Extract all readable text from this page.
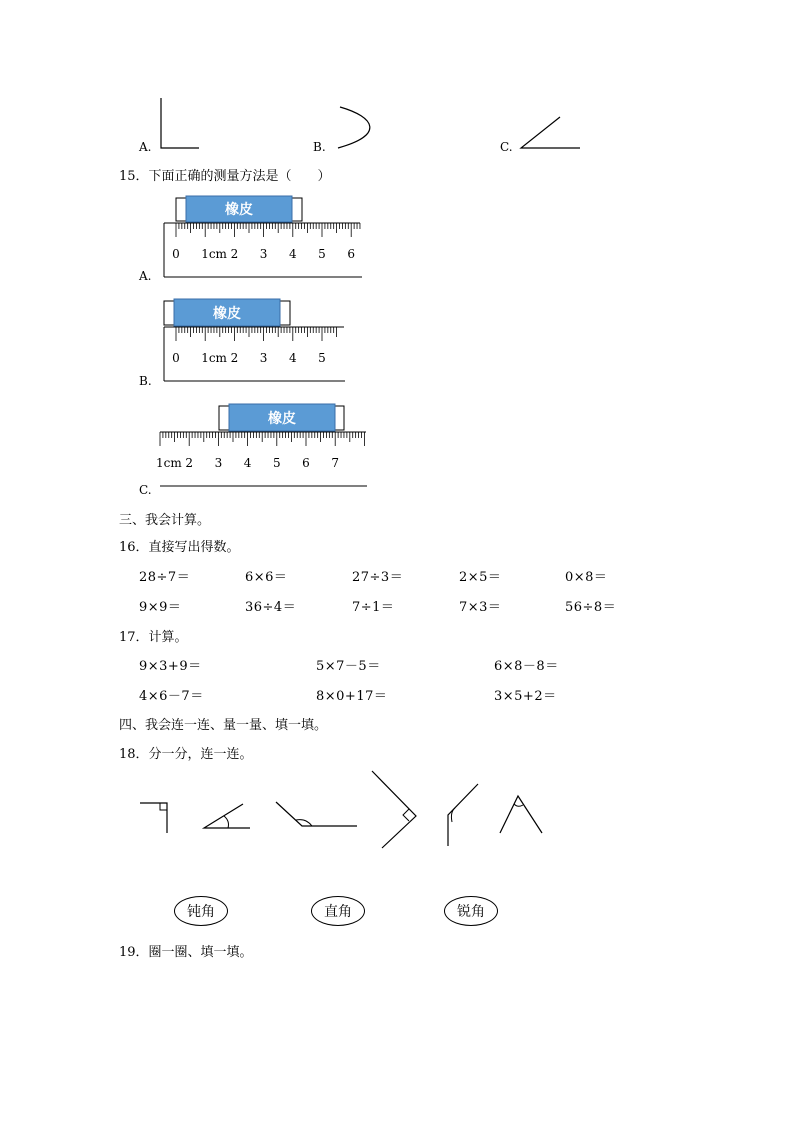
A.	B.	C.
15．下面正确的测量方法是（　　）
橡皮
0 1cm 2 3 4 5 6
橡皮
0 1cm 2 3 4 5
橡皮
1cm 2 3 4 5 6 7
A.
B.
C.
三、我会计算。
16．直接写出得数。
28÷7＝	6×6＝	27÷3＝	2×5＝	0×8＝
9×9＝	36÷4＝	7÷1＝	7×3＝	56÷8＝
17．计算。
9×3+9＝	5×7－5＝	6×8－8＝
4×6－7＝	8×0+17＝	3×5+2＝
四、我会连一连、量一量、填一填。
18．分一分，连一连。
钝角	直角	锐角
19．圈一圈、填一填。
